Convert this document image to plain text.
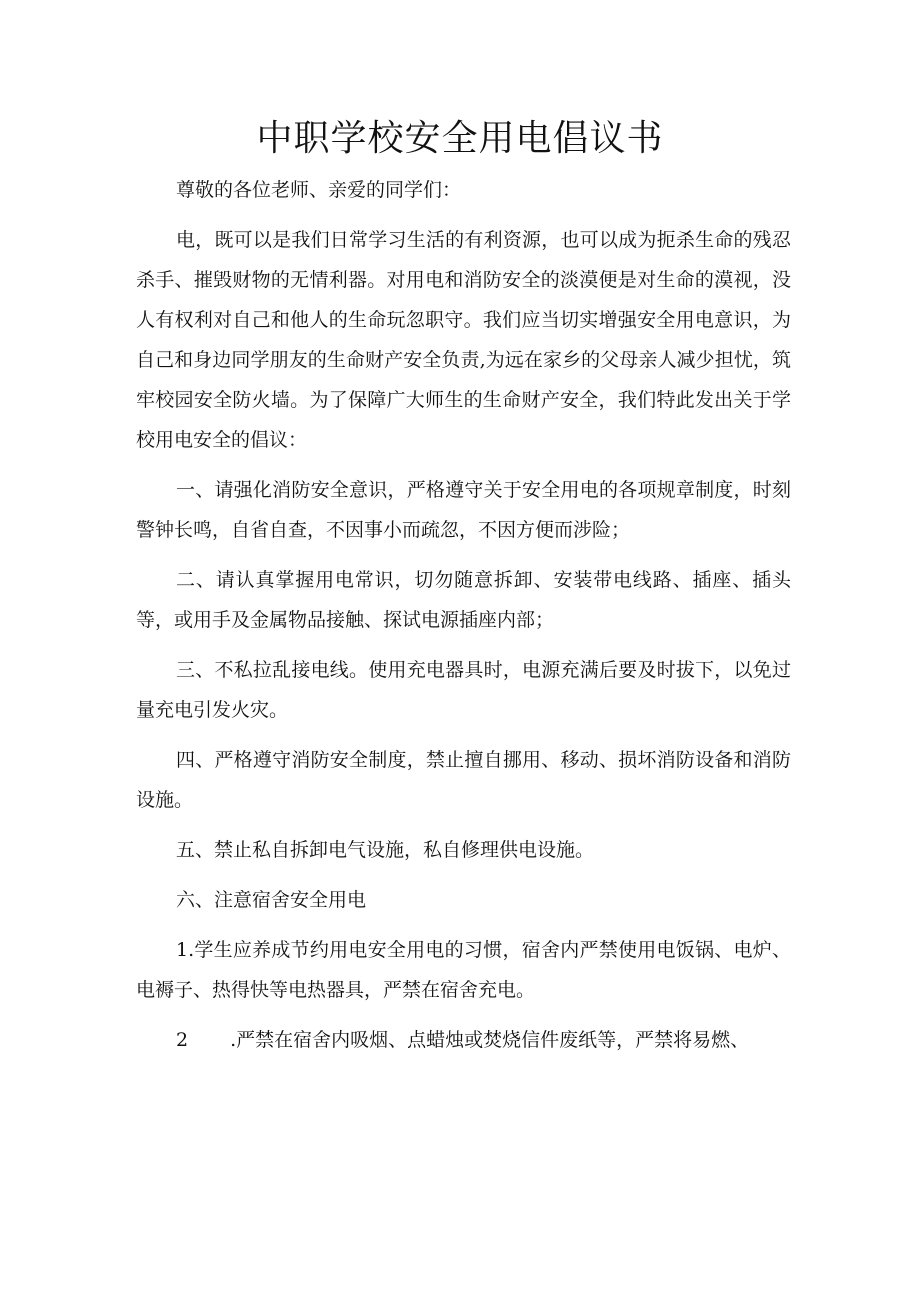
中职学校安全用电倡议书

尊敬的各位老师、亲爱的同学们：

电，既可以是我们日常学习生活的有利资源，也可以成为扼杀生命的残忍杀手、摧毁财物的无情利器。对用电和消防安全的淡漠便是对生命的漠视，没人有权利对自己和他人的生命玩忽职守。我们应当切实增强安全用电意识，为自己和身边同学朋友的生命财产安全负责,为远在家乡的父母亲人减少担忧，筑牢校园安全防火墙。为了保障广大师生的生命财产安全，我们特此发出关于学校用电安全的倡议：

一、请强化消防安全意识，严格遵守关于安全用电的各项规章制度，时刻警钟长鸣，自省自查，不因事小而疏忽，不因方便而涉险；

二、请认真掌握用电常识，切勿随意拆卸、安装带电线路、插座、插头等，或用手及金属物品接触、探试电源插座内部；

三、不私拉乱接电线。使用充电器具时，电源充满后要及时拔下，以免过量充电引发火灾。

四、严格遵守消防安全制度，禁止擅自挪用、移动、损坏消防设备和消防设施。

五、禁止私自拆卸电气设施，私自修理供电设施。

六、注意宿舍安全用电

1.学生应养成节约用电安全用电的习惯，宿舍内严禁使用电饭锅、电炉、电褥子、热得快等电热器具，严禁在宿舍充电。

2 .严禁在宿舍内吸烟、点蜡烛或焚烧信件废纸等，严禁将易燃、
